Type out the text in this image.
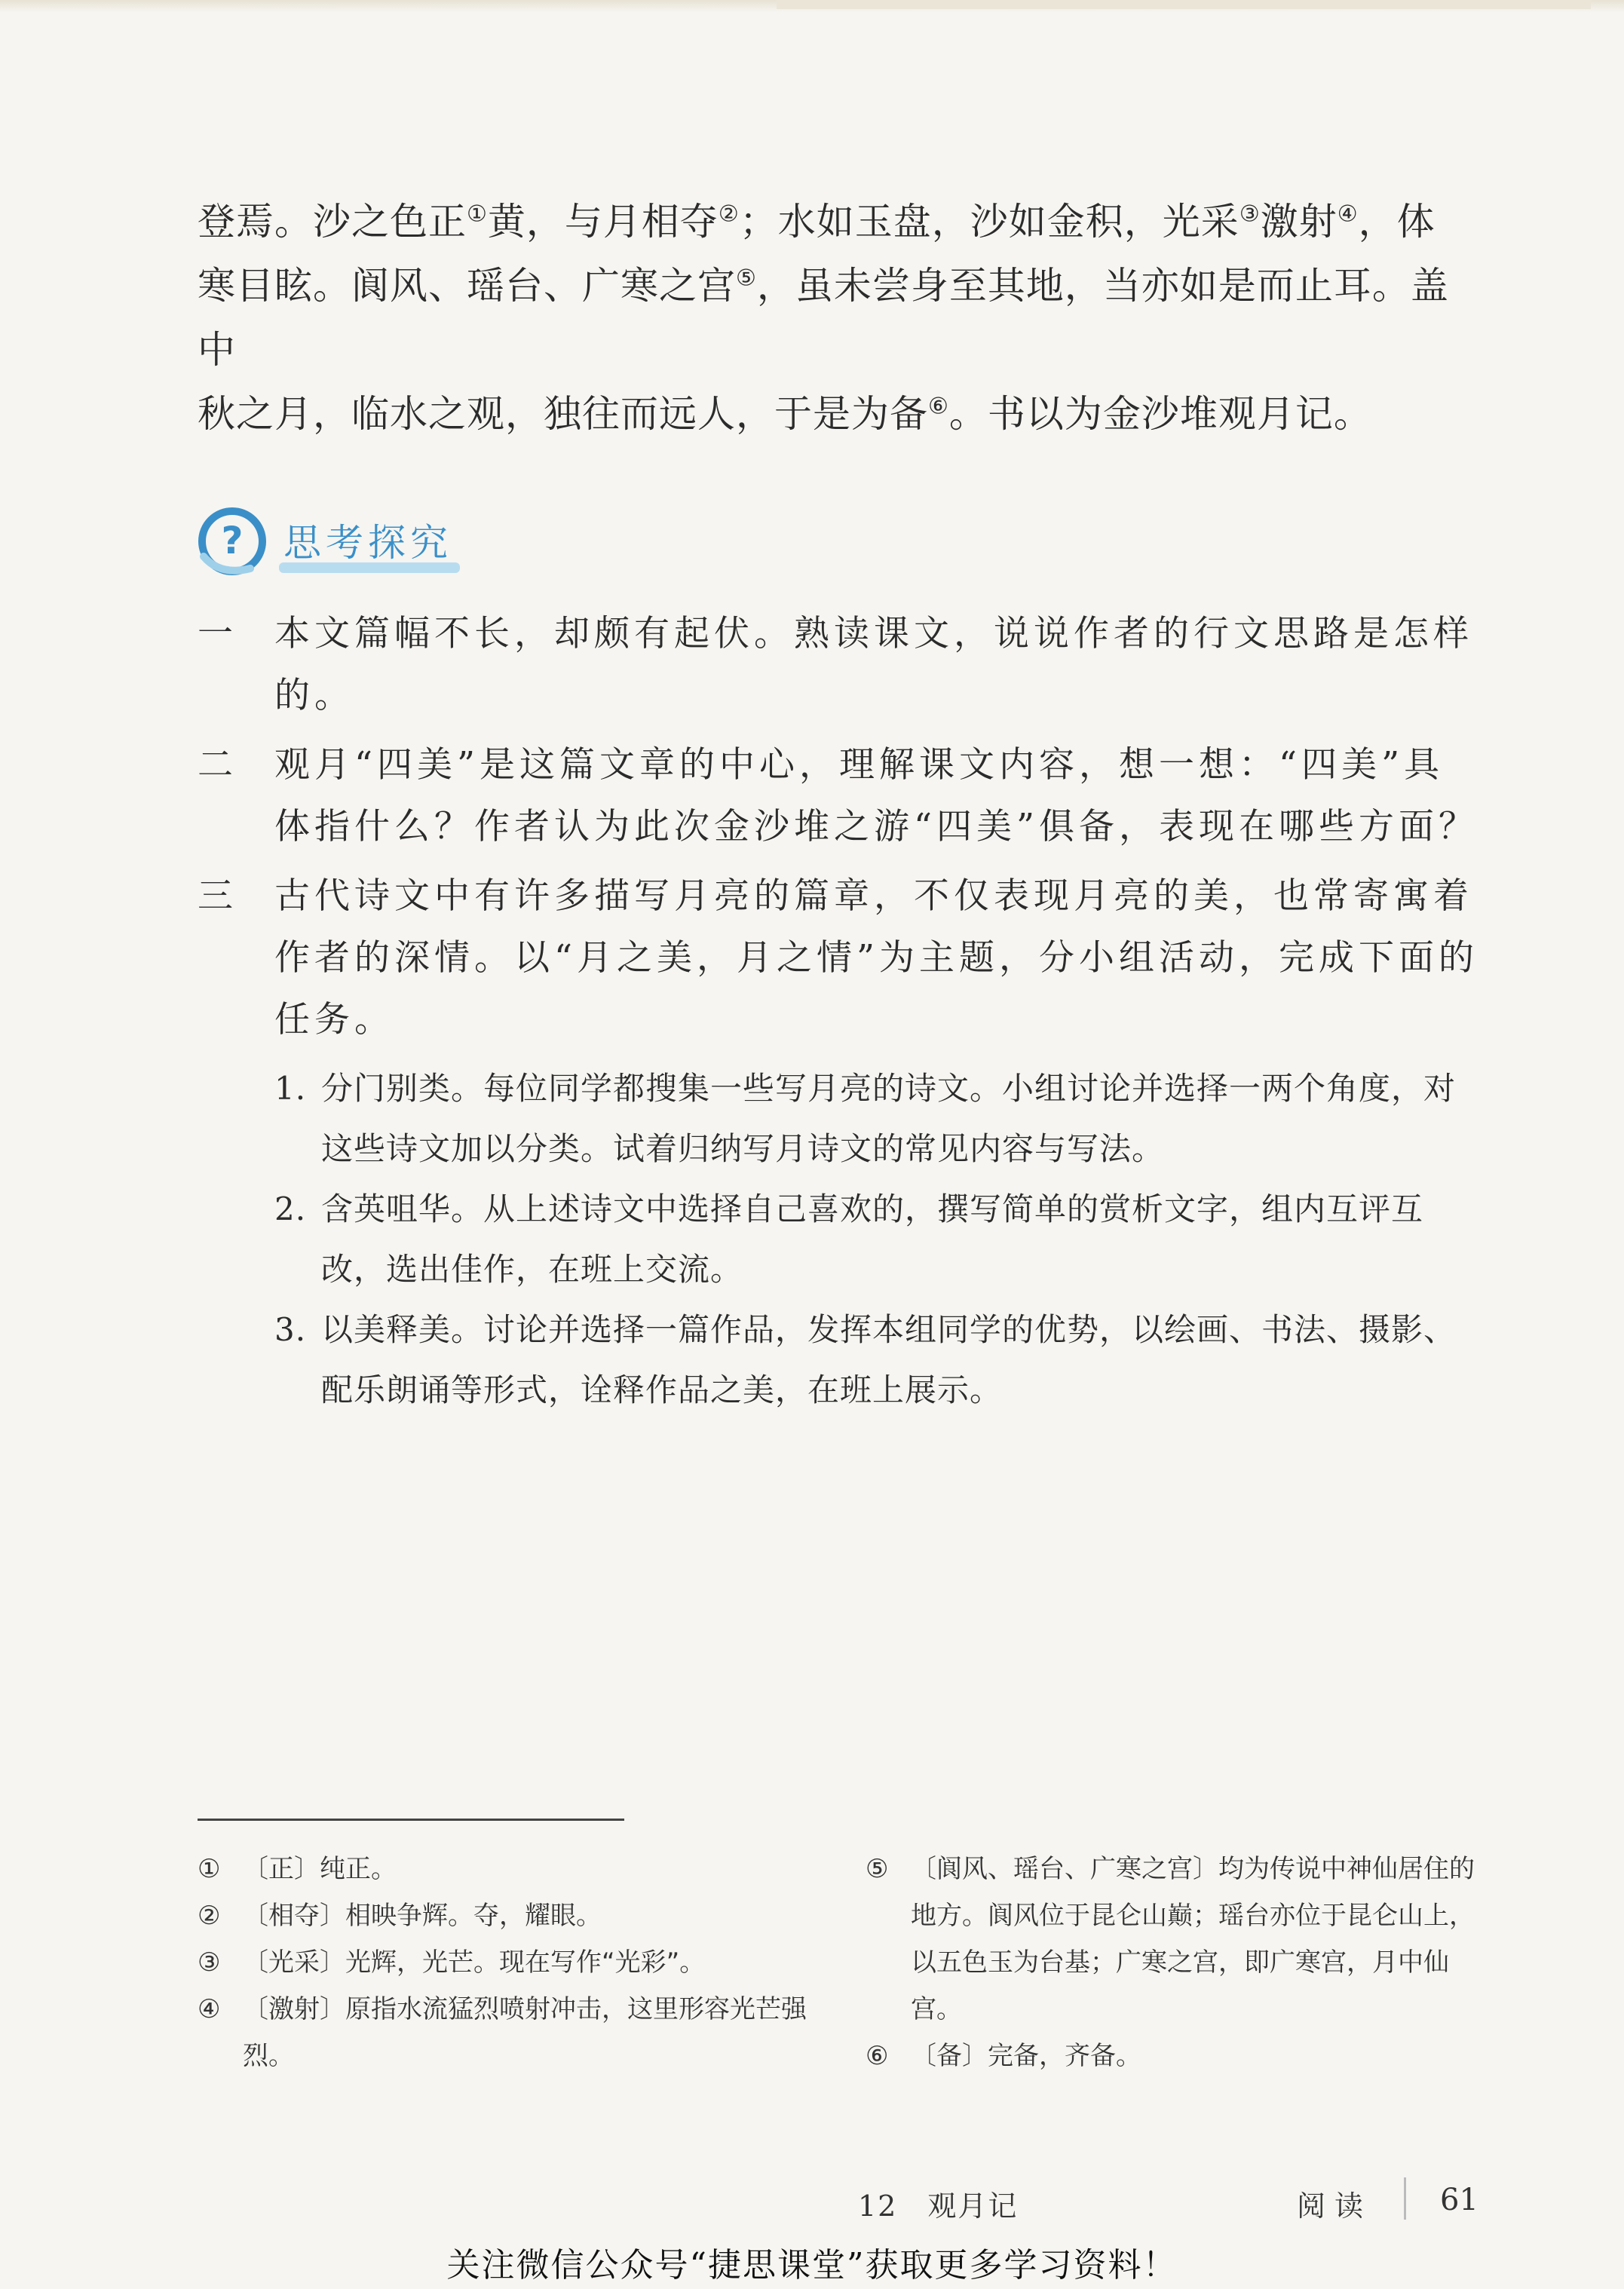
登焉。沙之色正①黄，与月相夺②；水如玉盘，沙如金积，光采③激射④，体

寒目眩。阆风、瑶台、广寒之宫⑤，虽未尝身至其地，当亦如是而止耳。盖中

秋之月，临水之观，独往而远人，于是为备⑥。书以为金沙堆观月记。

? 思考探究
一 本文篇幅不长，却颇有起伏。熟读课文，说说作者的行文思路是怎样的。
二 观月“四美”是这篇文章的中心，理解课文内容，想一想：“四美”具体指什么？作者认为此次金沙堆之游“四美”俱备，表现在哪些方面？
三 古代诗文中有许多描写月亮的篇章，不仅表现月亮的美，也常寄寓着作者的深情。以“月之美，月之情”为主题，分小组活动，完成下面的任务。
1. 分门别类。每位同学都搜集一些写月亮的诗文。小组讨论并选择一两个角度，对这些诗文加以分类。试着归纳写月诗文的常见内容与写法。
2. 含英咀华。从上述诗文中选择自己喜欢的，撰写简单的赏析文字，组内互评互改，选出佳作，在班上交流。
3. 以美释美。讨论并选择一篇作品，发挥本组同学的优势，以绘画、书法、摄影、配乐朗诵等形式，诠释作品之美，在班上展示。
① 〔正〕纯正。
② 〔相夺〕相映争辉。夺，耀眼。
③ 〔光采〕光辉，光芒。现在写作“光彩”。
④ 〔激射〕原指水流猛烈喷射冲击，这里形容光芒强烈。
⑤ 〔阆风、瑶台、广寒之宫〕均为传说中神仙居住的地方。阆风位于昆仑山巅；瑶台亦位于昆仑山上，以五色玉为台基；广寒之宫，即广寒宫，月中仙宫。
⑥ 〔备〕完备，齐备。
12　观月记	阅读 61
关注微信公众号“捷思课堂”获取更多学习资料！
